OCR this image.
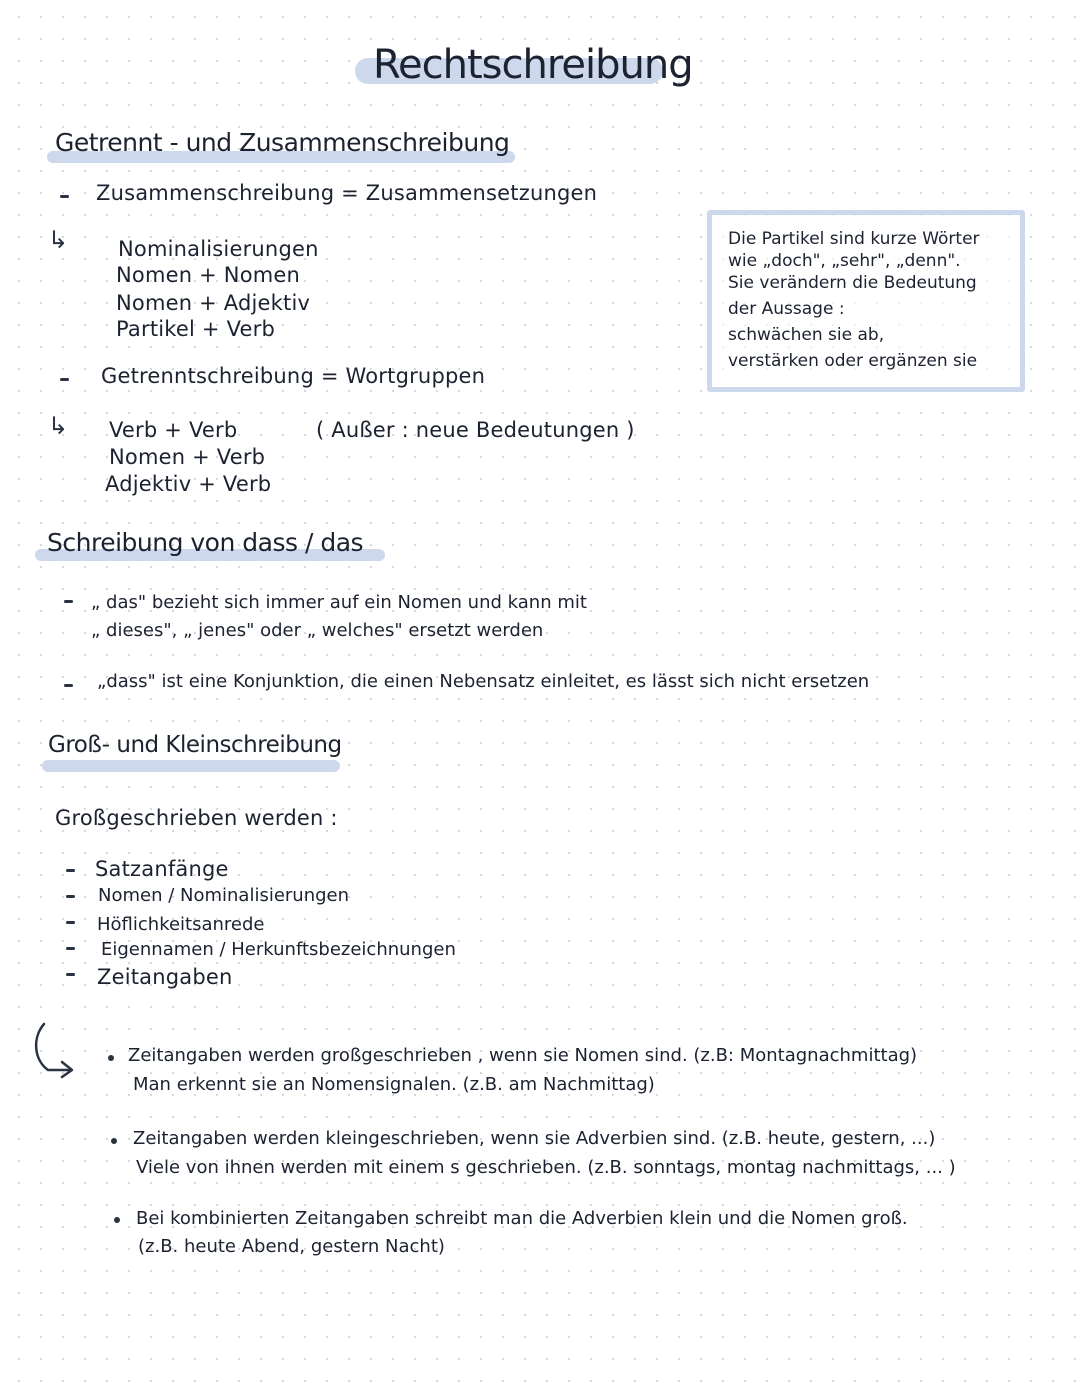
Rechtschreibung
Getrennt - und Zusammenschreibung
Zusammenschreibung = Zusammensetzungen
↳ Nominalisierungen
Nomen + Nomen
Nomen + Adjektiv
Partikel + Verb
Getrenntschreibung = Wortgruppen
↳ Verb + Verb
Nomen + Verb
Adjektiv + Verb
( Außer : neue Bedeutungen )
Die Partikel sind kurze Wörter
wie „doch", „sehr", „denn".
Sie verändern die Bedeutung
der Aussage :
schwächen sie ab,
verstärken oder ergänzen sie
Schreibung von dass / das
„ das" bezieht sich immer auf ein Nomen und kann mit
„ dieses", „ jenes" oder „ welches" ersetzt werden
„dass" ist eine Konjunktion, die einen Nebensatz einleitet, es lässt sich nicht ersetzen
Groß- und Kleinschreibung
Großgeschrieben werden :
Satzanfänge
Nomen / Nominalisierungen
Höflichkeitsanrede
Eigennamen / Herkunftsbezeichnungen
Zeitangaben
Zeitangaben werden großgeschrieben , wenn sie Nomen sind. (z.B: Montagnachmittag)
Man erkennt sie an Nomensignalen. (z.B. am Nachmittag)
Zeitangaben werden kleingeschrieben, wenn sie Adverbien sind. (z.B. heute, gestern, ...)
Viele von ihnen werden mit einem s geschrieben. (z.B. sonntags, montag nachmittags, ... )
Bei kombinierten Zeitangaben schreibt man die Adverbien klein und die Nomen groß.
(z.B. heute Abend, gestern Nacht)
